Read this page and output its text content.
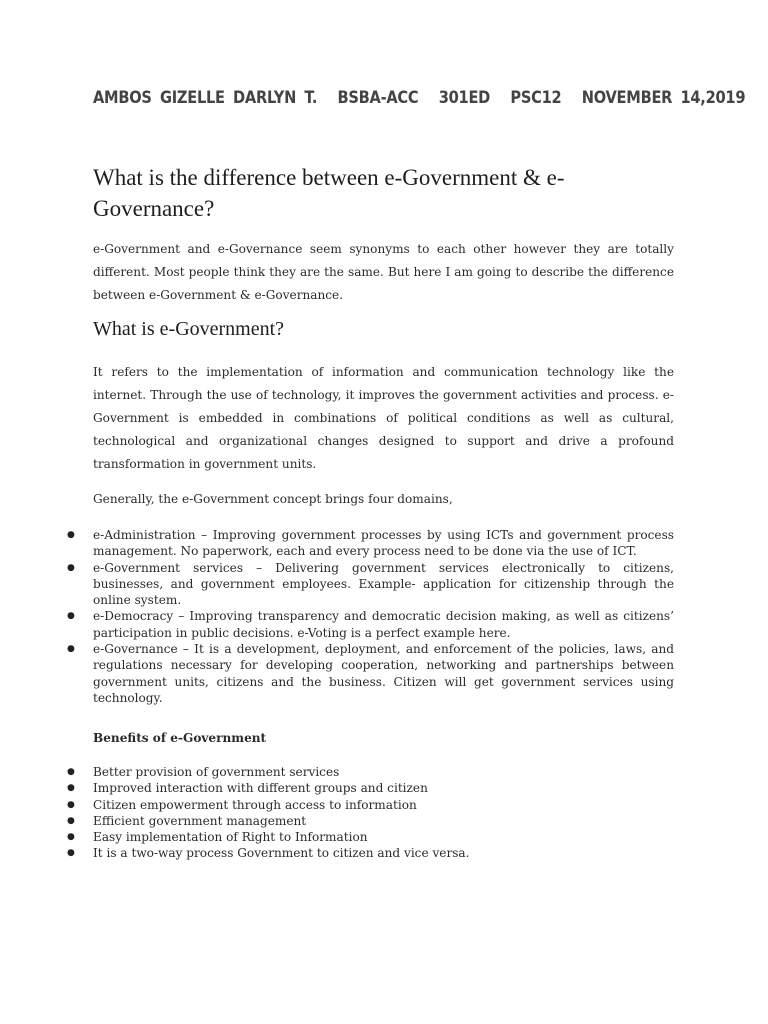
AMBOS GIZELLE DARLYN T. BSBA-ACC 301ED PSC12 NOVEMBER 14,2019
What is the difference between e-Government & e-Governance?

e-Government and e-Governance seem synonyms to each other however they are totally different. Most people think they are the same. But here I am going to describe the difference between e-Government & e-Governance.

What is e-Government?

It refers to the implementation of information and communication technology like the internet. Through the use of technology, it improves the government activities and process. e-Government is embedded in combinations of political conditions as well as cultural, technological and organizational changes designed to support and drive a profound transformation in government units.

Generally, the e-Government concept brings four domains,

● e-Administration – Improving government processes by using ICTs and government process management. No paperwork, each and every process need to be done via the use of ICT.
● e-Government services – Delivering government services electronically to citizens, businesses, and government employees. Example- application for citizenship through the online system.
● e-Democracy – Improving transparency and democratic decision making, as well as citizens’ participation in public decisions. e-Voting is a perfect example here.
● e-Governance – It is a development, deployment, and enforcement of the policies, laws, and regulations necessary for developing cooperation, networking and partnerships between government units, citizens and the business. Citizen will get government services using technology.

Benefits of e-Government

● Better provision of government services
● Improved interaction with different groups and citizen
● Citizen empowerment through access to information
● Efficient government management
● Easy implementation of Right to Information
● It is a two-way process Government to citizen and vice versa.
